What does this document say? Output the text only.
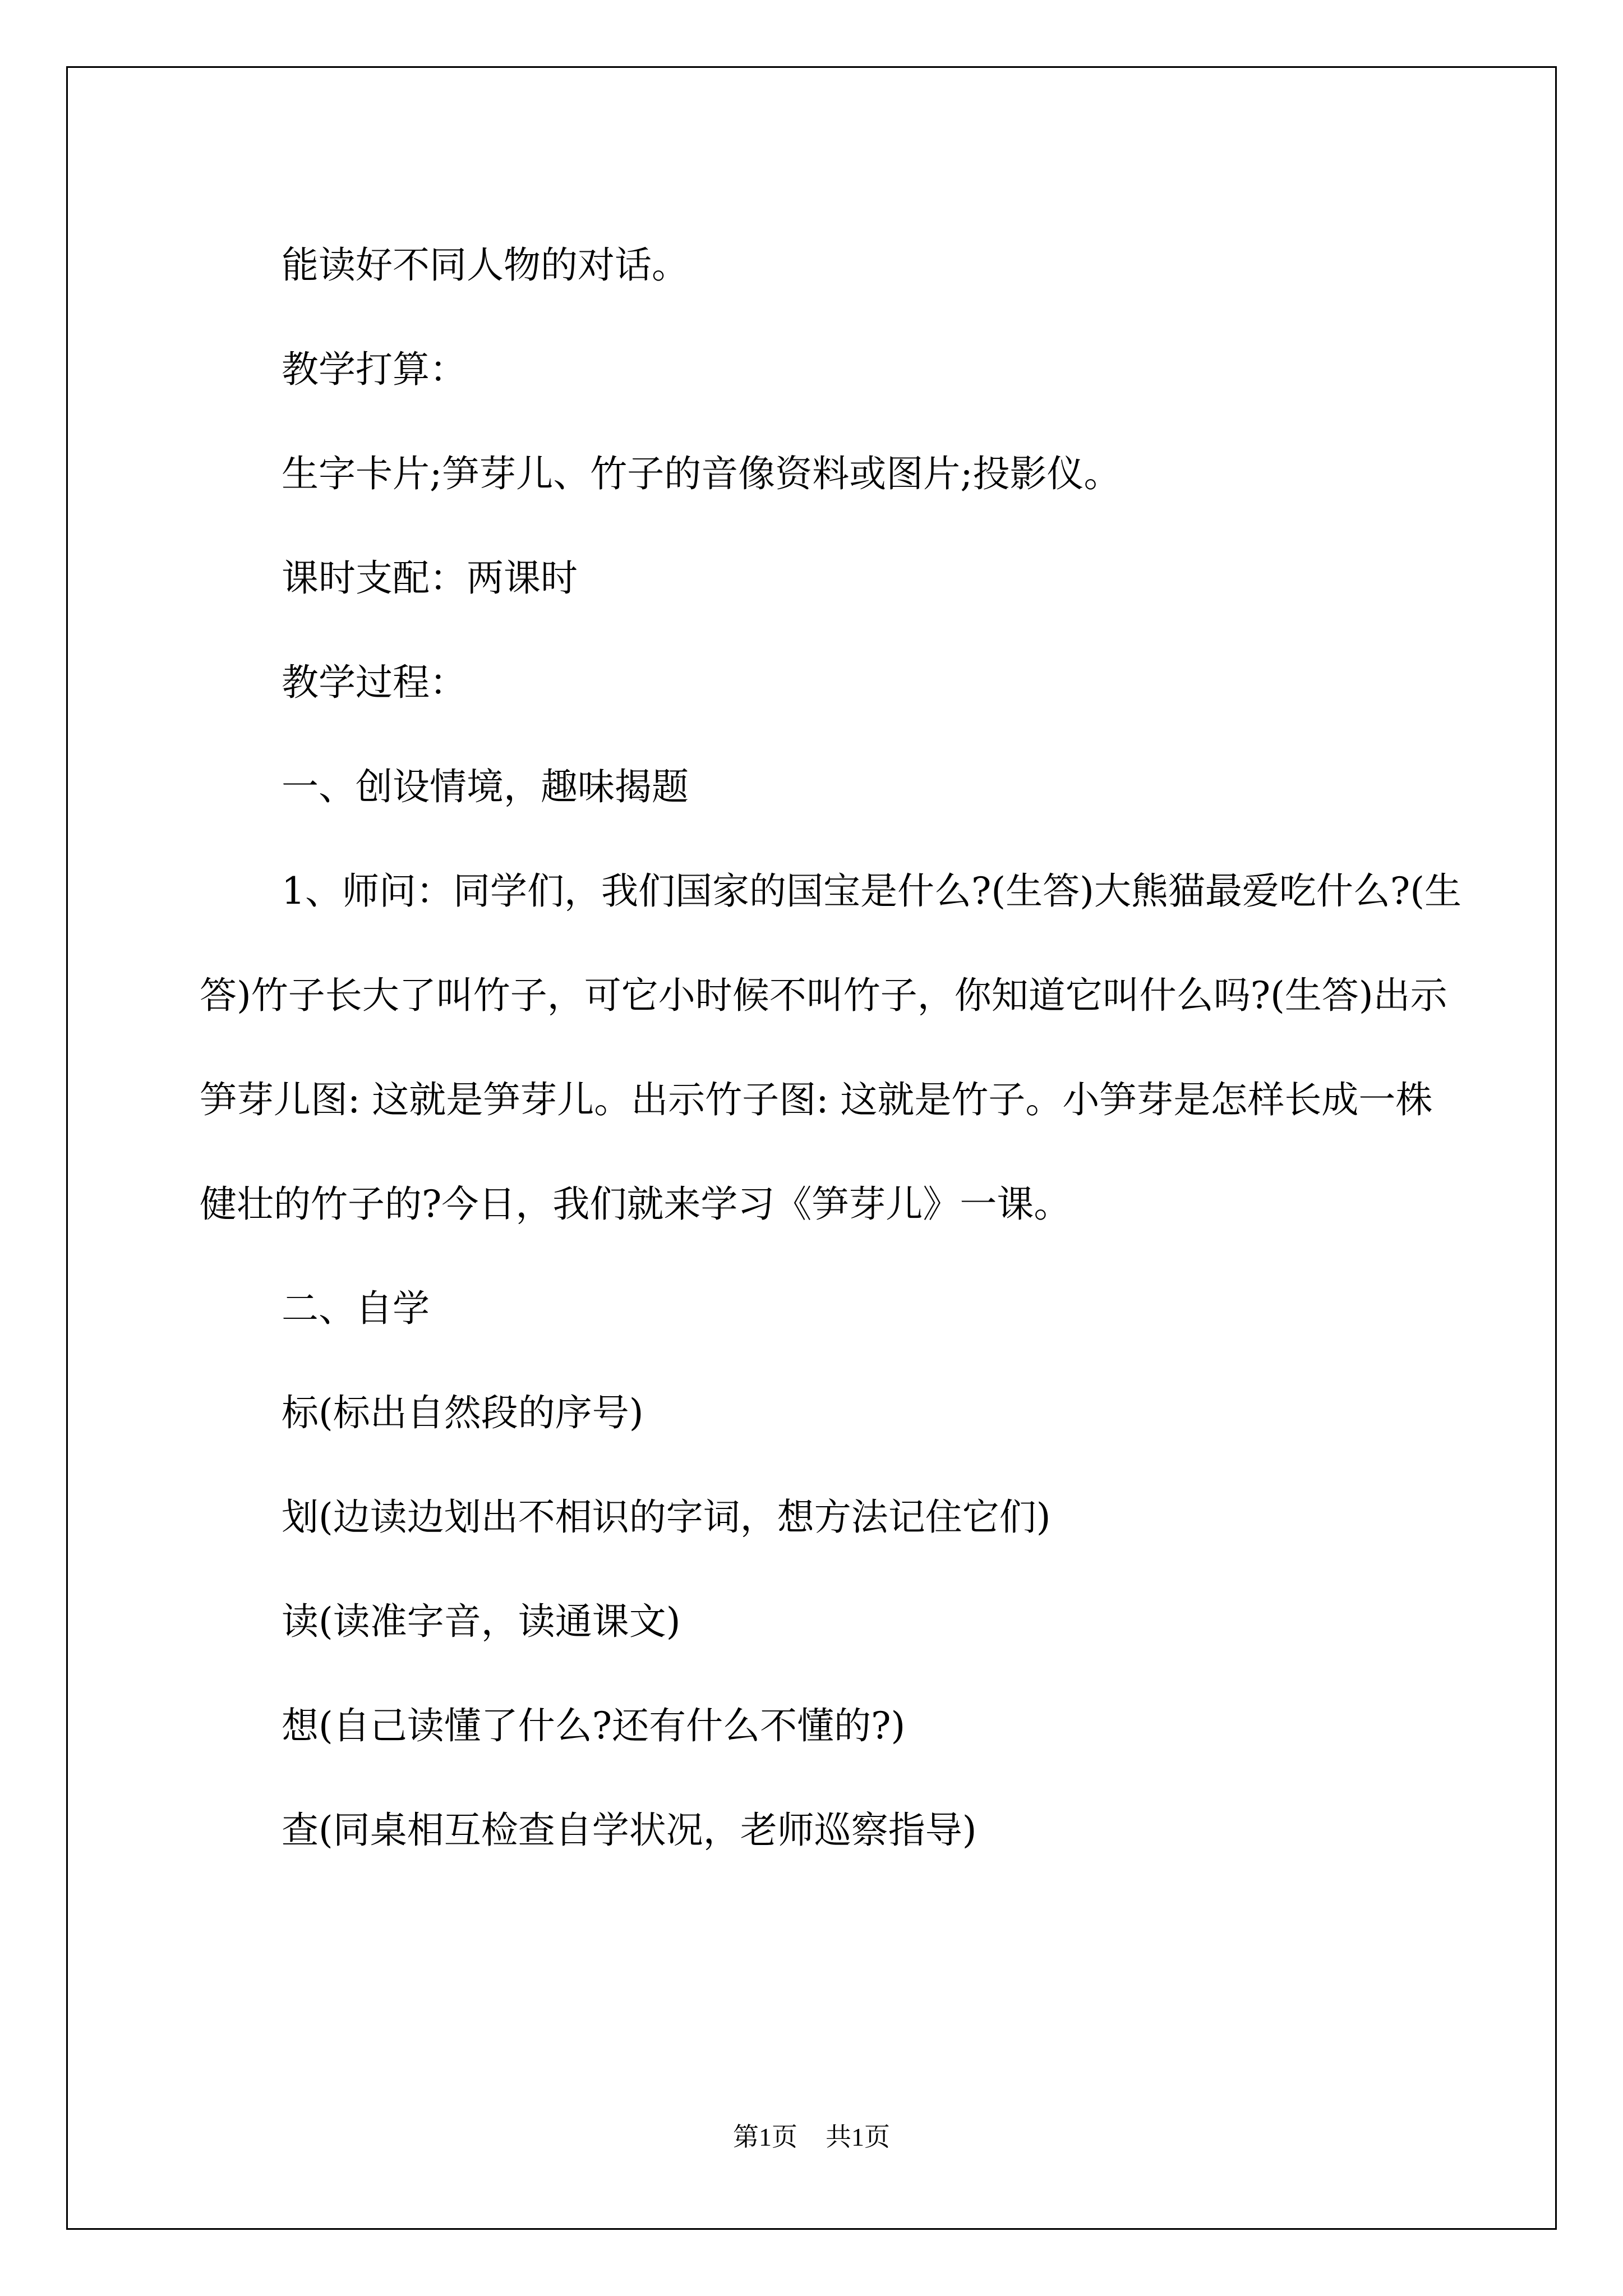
能读好不同人物的对话。

教学打算：

生字卡片;笋芽儿、竹子的音像资料或图片;投影仪。

课时支配：两课时

教学过程：

一、创设情境，趣味揭题

1、师问：同学们，我们国家的国宝是什么?(生答)大熊猫最爱吃什么?(生答)竹子长大了叫竹子，可它小时候不叫竹子，你知道它叫什么吗?(生答)出示笋芽儿图: 这就是笋芽儿。出示竹子图: 这就是竹子。小笋芽是怎样长成一株健壮的竹子的?今日，我们就来学习《笋芽儿》一课。

二、自学

标(标出自然段的序号)

划(边读边划出不相识的字词，想方法记住它们)

读(读准字音，读通课文)

想(自己读懂了什么?还有什么不懂的?)

查(同桌相互检查自学状况，老师巡察指导)

第1页 共1页
